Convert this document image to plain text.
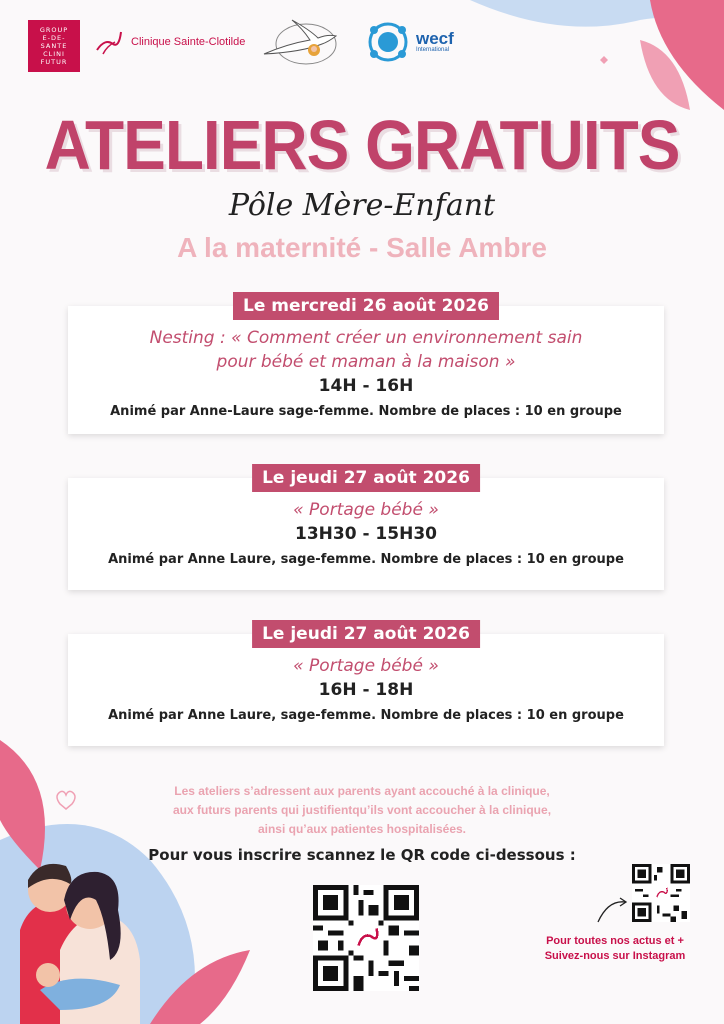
GROUP
E-DE-
SANTE
CLINI
FUTUR
Clinique Sainte-Clotilde	wecf
International
ATELIERS GRATUITS
Pôle Mère-Enfant
A la maternité - Salle Ambre
Le mercredi 26 août 2026
Nesting : « Comment créer un environnement sain
pour bébé et maman à la maison »
14H - 16H
Animé par Anne-Laure sage-femme. Nombre de places : 10 en groupe
Le jeudi 27 août 2026
« Portage bébé »
13H30 - 15H30
Animé par Anne Laure, sage-femme. Nombre de places : 10 en groupe
Le jeudi 27 août 2026
« Portage bébé »
16H - 18H
Animé par Anne Laure, sage-femme. Nombre de places : 10 en groupe
Les ateliers s’adressent aux parents ayant accouché à la clinique,
aux futurs parents qui justifientqu’ils vont accoucher à la clinique,
ainsi qu’aux patientes hospitalisées.
Pour vous inscrire scannez le QR code ci-dessous :
Pour toutes nos actus et +
Suivez-nous sur Instagram
